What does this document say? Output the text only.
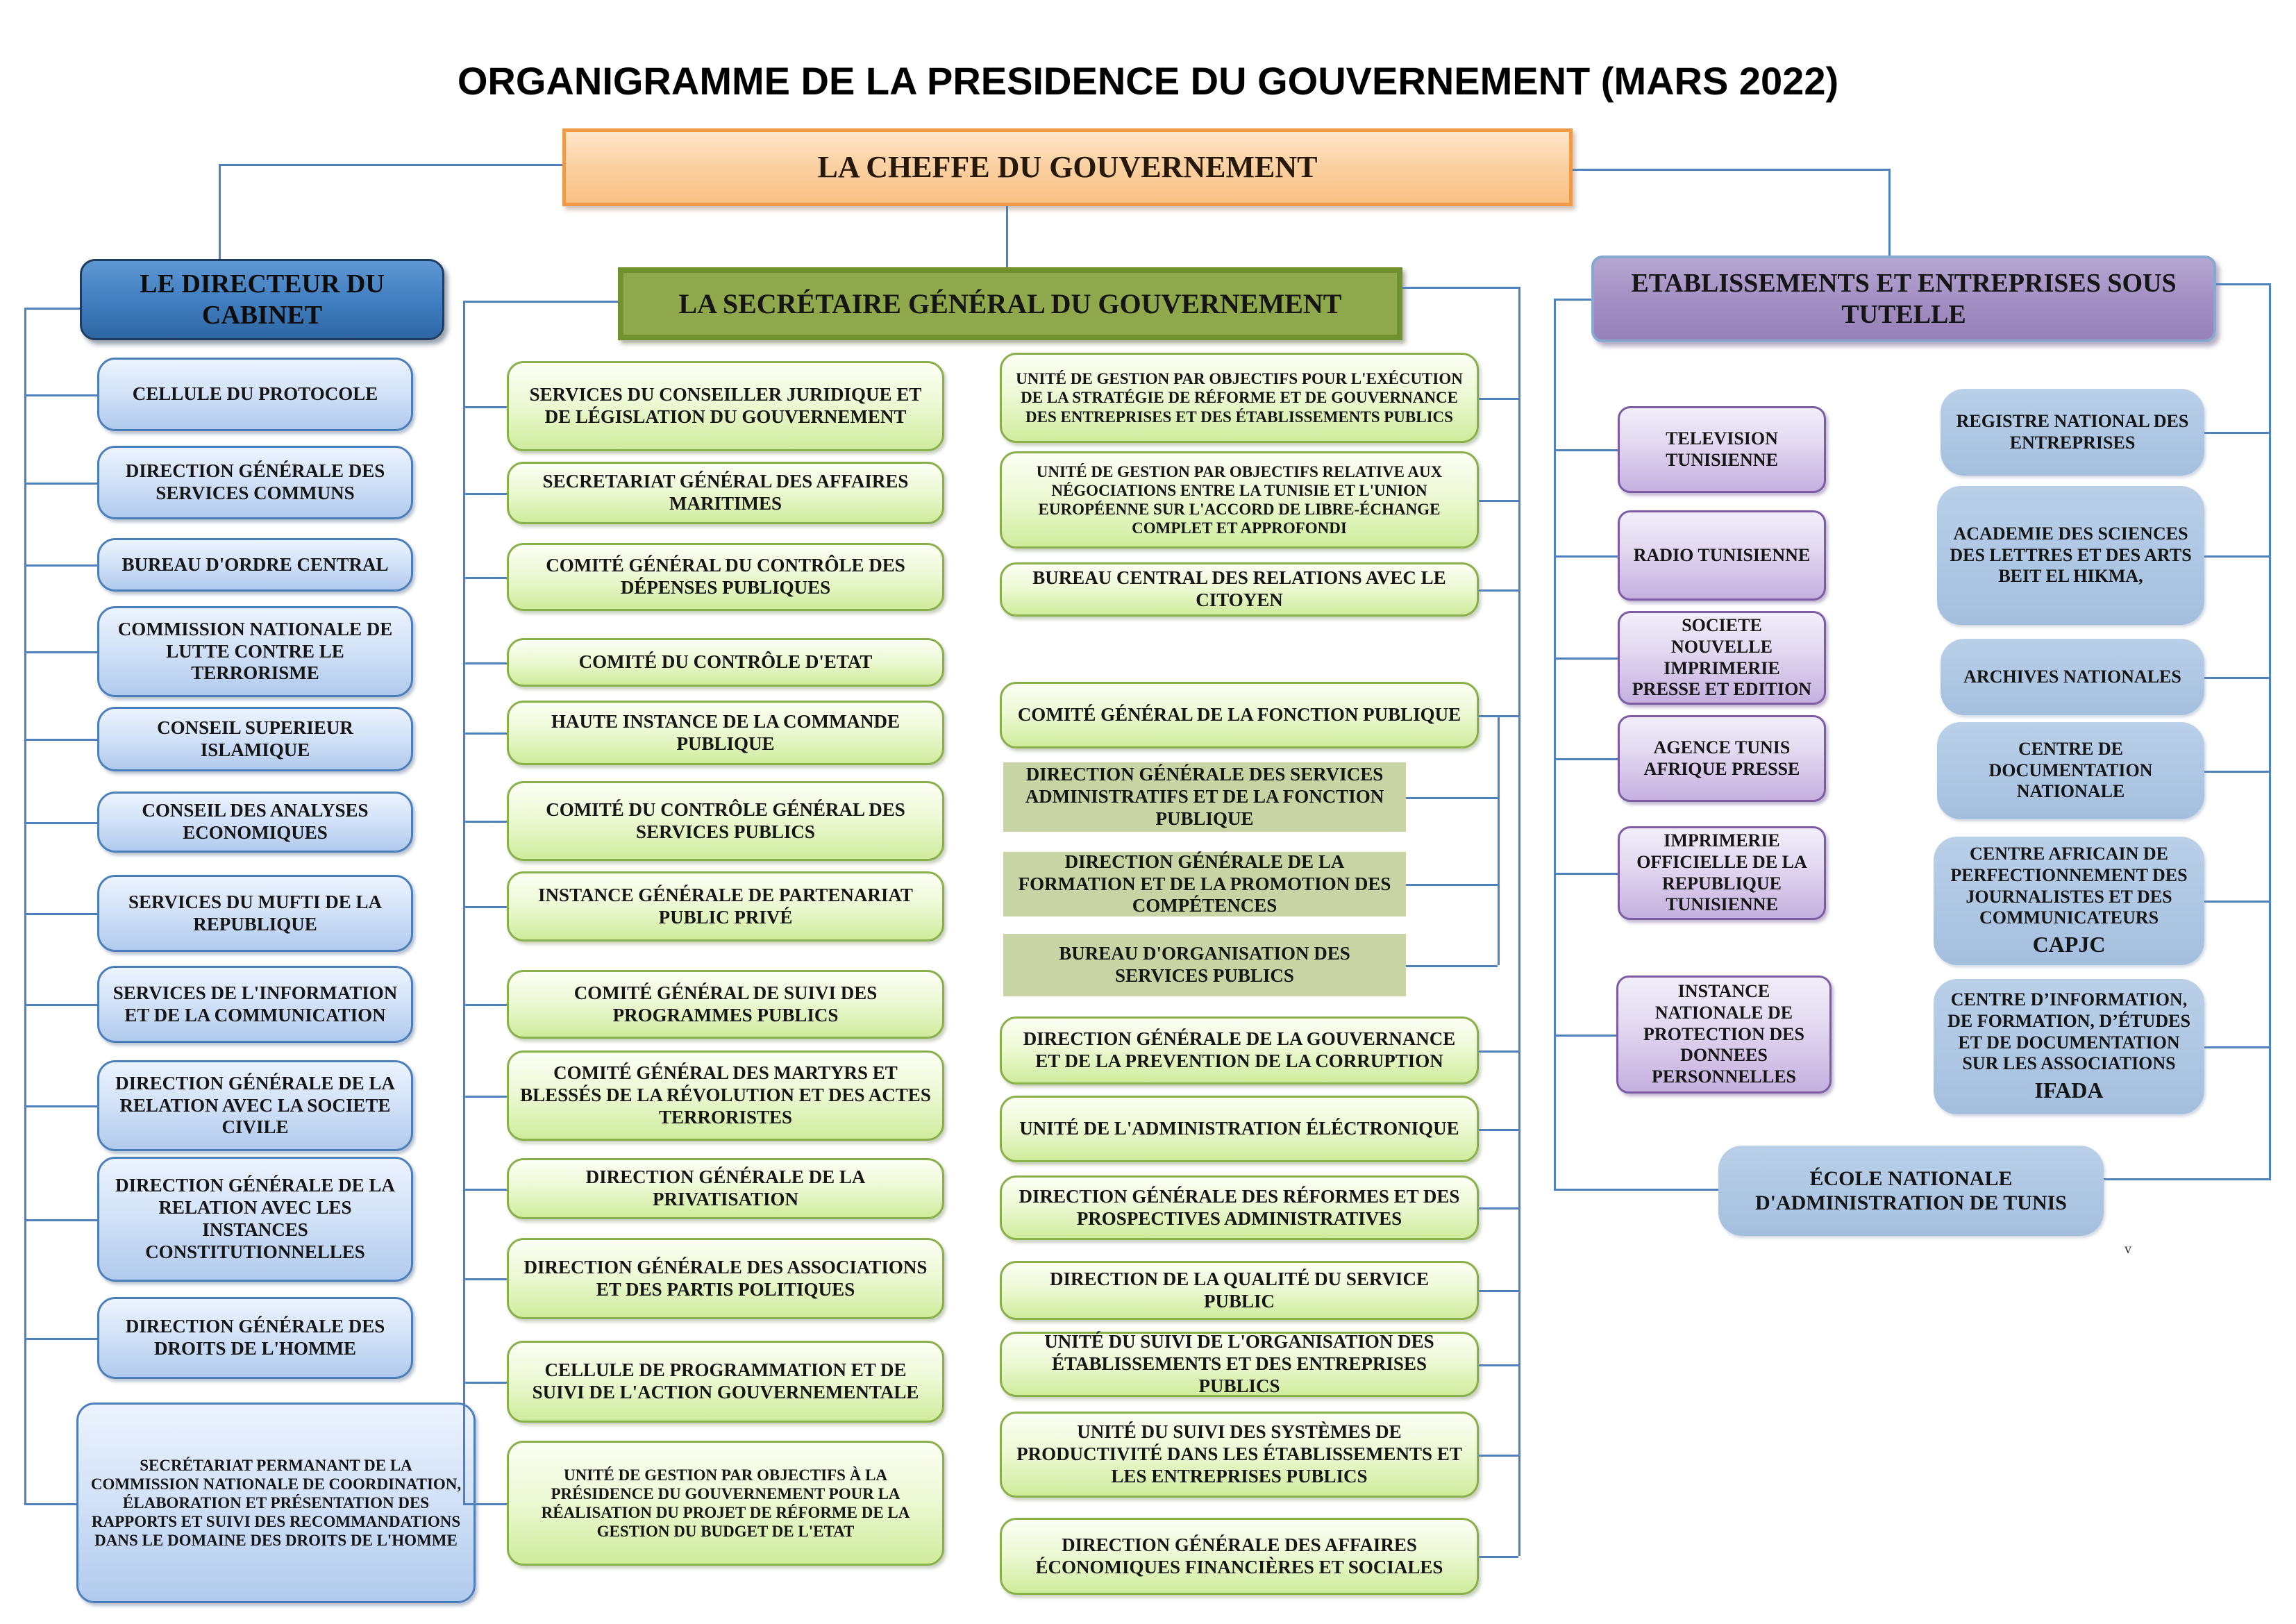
ORGANIGRAMME DE LA PRESIDENCE DU GOUVERNEMENT (MARS 2022)
LA CHEFFE DU GOUVERNEMENT
LE DIRECTEUR DU CABINET
CELLULE DU PROTOCOLE
DIRECTION GÉNÉRALE DES SERVICES COMMUNS
BUREAU D'ORDRE CENTRAL
COMMISSION NATIONALE DE LUTTE CONTRE LE TERRORISME
CONSEIL SUPERIEUR ISLAMIQUE
CONSEIL DES ANALYSES ECONOMIQUES
SERVICES DU MUFTI DE LA REPUBLIQUE
SERVICES DE L'INFORMATION ET DE LA COMMUNICATION
DIRECTION GÉNÉRALE DE LA RELATION AVEC LA SOCIETE CIVILE
DIRECTION GÉNÉRALE DE LA RELATION AVEC LES INSTANCES CONSTITUTIONNELLES
DIRECTION GÉNÉRALE DES DROITS DE L'HOMME
SECRÉTARIAT PERMANANT DE LA COMMISSION NATIONALE DE COORDINATION, ÉLABORATION ET PRÉSENTATION DES RAPPORTS ET SUIVI DES RECOMMANDATIONS DANS LE DOMAINE DES DROITS DE L'HOMME
LA SECRÉTAIRE GÉNÉRAL DU GOUVERNEMENT
SERVICES DU CONSEILLER JURIDIQUE ET DE LÉGISLATION DU GOUVERNEMENT
SECRETARIAT GÉNÉRAL DES AFFAIRES MARITIMES
COMITÉ GÉNÉRAL DU CONTRÔLE DES DÉPENSES PUBLIQUES
COMITÉ DU CONTRÔLE D'ETAT
HAUTE INSTANCE DE LA COMMANDE PUBLIQUE
COMITÉ DU CONTRÔLE GÉNÉRAL DES SERVICES PUBLICS
INSTANCE GÉNÉRALE DE PARTENARIAT PUBLIC PRIVÉ
COMITÉ GÉNÉRAL DE SUIVI DES PROGRAMMES PUBLICS
COMITÉ GÉNÉRAL DES MARTYRS ET BLESSÉS DE LA RÉVOLUTION ET DES ACTES TERRORISTES
DIRECTION GÉNÉRALE DE LA PRIVATISATION
DIRECTION GÉNÉRALE DES ASSOCIATIONS ET DES PARTIS POLITIQUES
CELLULE DE PROGRAMMATION ET DE SUIVI DE L'ACTION GOUVERNEMENTALE
UNITÉ DE GESTION PAR OBJECTIFS À LA PRÉSIDENCE DU GOUVERNEMENT POUR LA RÉALISATION DU PROJET DE RÉFORME DE LA GESTION DU BUDGET DE L'ETAT
UNITÉ DE GESTION PAR OBJECTIFS POUR L'EXÉCUTION DE LA STRATÉGIE DE RÉFORME ET DE GOUVERNANCE DES ENTREPRISES ET DES ÉTABLISSEMENTS PUBLICS
UNITÉ DE GESTION PAR OBJECTIFS RELATIVE AUX NÉGOCIATIONS ENTRE LA TUNISIE ET L'UNION EUROPÉENNE SUR L'ACCORD DE LIBRE-ÉCHANGE COMPLET ET APPROFONDI
BUREAU CENTRAL DES RELATIONS AVEC LE CITOYEN
COMITÉ GÉNÉRAL DE LA FONCTION PUBLIQUE
DIRECTION GÉNÉRALE DES SERVICES ADMINISTRATIFS ET DE LA FONCTION PUBLIQUE
DIRECTION GÉNÉRALE DE LA FORMATION ET DE LA PROMOTION DES COMPÉTENCES
BUREAU D'ORGANISATION DES SERVICES PUBLICS
DIRECTION GÉNÉRALE DE LA GOUVERNANCE ET DE LA PREVENTION DE LA CORRUPTION
UNITÉ DE L'ADMINISTRATION ÉLÉCTRONIQUE
DIRECTION GÉNÉRALE DES RÉFORMES ET DES PROSPECTIVES ADMINISTRATIVES
DIRECTION DE LA QUALITÉ DU SERVICE PUBLIC
UNITÉ DU SUIVI DE L'ORGANISATION DES ÉTABLISSEMENTS ET DES ENTREPRISES PUBLICS
UNITÉ DU SUIVI DES SYSTÈMES DE PRODUCTIVITÉ DANS LES ÉTABLISSEMENTS ET LES ENTREPRISES PUBLICS
DIRECTION GÉNÉRALE DES AFFAIRES ÉCONOMIQUES FINANCIÈRES ET SOCIALES
ETABLISSEMENTS ET ENTREPRISES SOUS TUTELLE
TELEVISION TUNISIENNE
RADIO TUNISIENNE
SOCIETE NOUVELLE IMPRIMERIE PRESSE ET EDITION
AGENCE TUNIS AFRIQUE PRESSE
IMPRIMERIE OFFICIELLE DE LA REPUBLIQUE TUNISIENNE
INSTANCE NATIONALE DE PROTECTION DES DONNEES PERSONNELLES
REGISTRE NATIONAL DES ENTREPRISES
ACADEMIE DES SCIENCES DES LETTRES ET DES ARTS BEIT EL HIKMA,
ARCHIVES NATIONALES
CENTRE DE DOCUMENTATION NATIONALE
CENTRE AFRICAIN DE PERFECTIONNEMENT DES JOURNALISTES ET DES COMMUNICATEURS
CAPJC
CENTRE D’INFORMATION, DE FORMATION, D’ÉTUDES ET DE DOCUMENTATION SUR LES ASSOCIATIONS
IFADA
ÉCOLE NATIONALE D'ADMINISTRATION DE TUNIS
v
